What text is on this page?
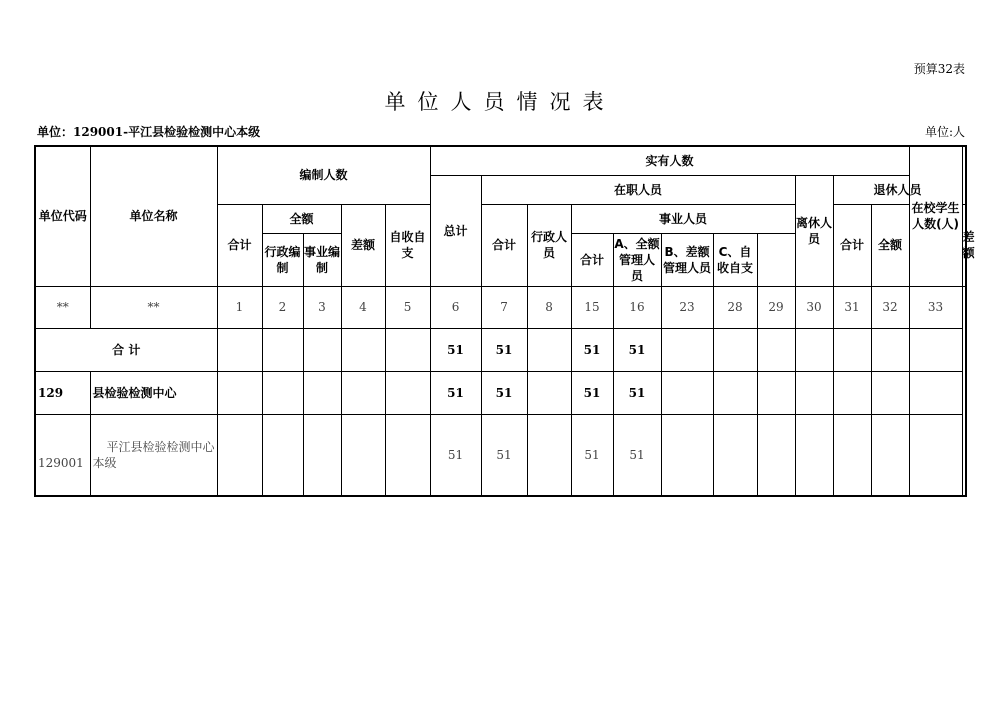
预算32表
单位人员情况表
单位：129001-平江县检验检测中心本级	单位:人
单位代码	单位名称	编制人数					实有人数											在校学生人数(人)	
							总计	在职人员							离休人员	退休人员			
		合计	全额		差额	自收自支		合计	行政人员	事业人员						合计	全额		差额
			行政编制	事业编制						合计	A、全额管理人员	B、差额管理人员	C、自收自支						
**	**	1	2	3	4	5	6	7	8	15	16	23	28	29	30	31	32	33	
合 计							51	51		51	51								
129	县检验检测中心						51	51		51	51								
129001	平江县检验检测中心本级						51	51		51	51								
